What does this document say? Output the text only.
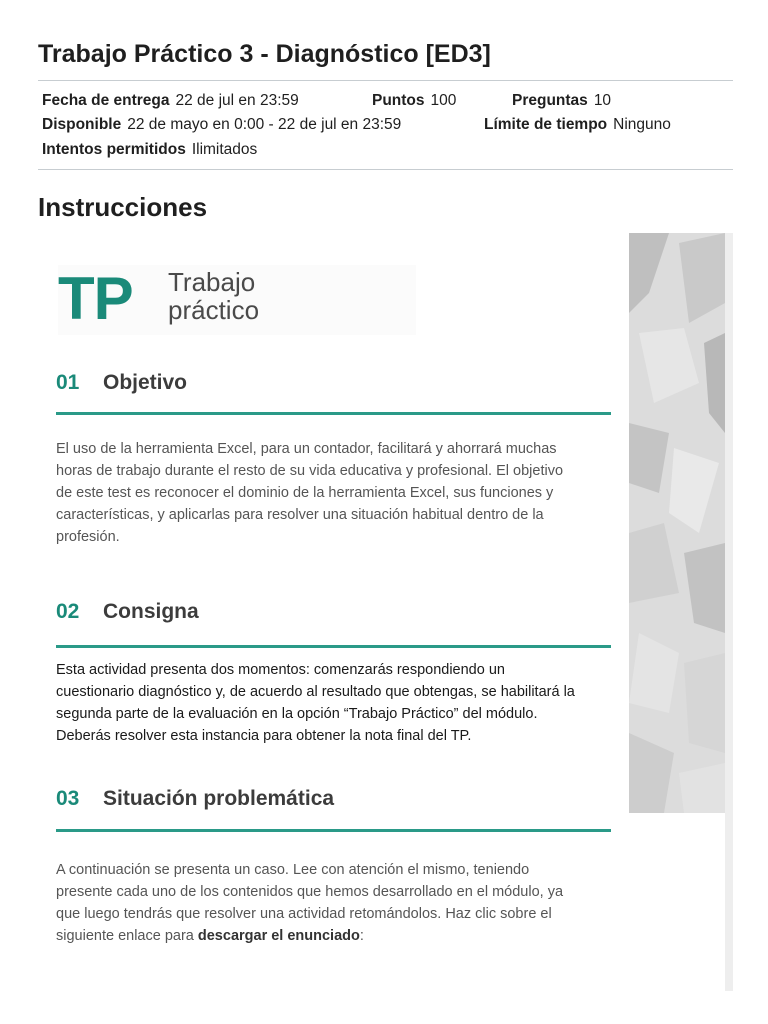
Trabajo Práctico 3 - Diagnóstico [ED3]
Fecha de entrega 22 de jul en 23:59	Puntos 100	Preguntas 10
Disponible 22 de mayo en 0:00 - 22 de jul en 23:59	Límite de tiempo Ninguno
Intentos permitidos Ilimitados
Instrucciones
TP Trabajo
práctico
01 Objetivo
El uso de la herramienta Excel, para un contador, facilitará y ahorrará muchas
horas de trabajo durante el resto de su vida educativa y profesional. El objetivo
de este test es reconocer el dominio de la herramienta Excel, sus funciones y
características, y aplicarlas para resolver una situación habitual dentro de la
profesión.
02 Consigna
Esta actividad presenta dos momentos: comenzarás respondiendo un
cuestionario diagnóstico y, de acuerdo al resultado que obtengas, se habilitará la
segunda parte de la evaluación en la opción “Trabajo Práctico” del módulo.
Deberás resolver esta instancia para obtener la nota final del TP.
03 Situación problemática
A continuación se presenta un caso. Lee con atención el mismo, teniendo
presente cada uno de los contenidos que hemos desarrollado en el módulo, ya
que luego tendrás que resolver una actividad retomándolos. Haz clic sobre el
siguiente enlace para descargar el enunciado:
